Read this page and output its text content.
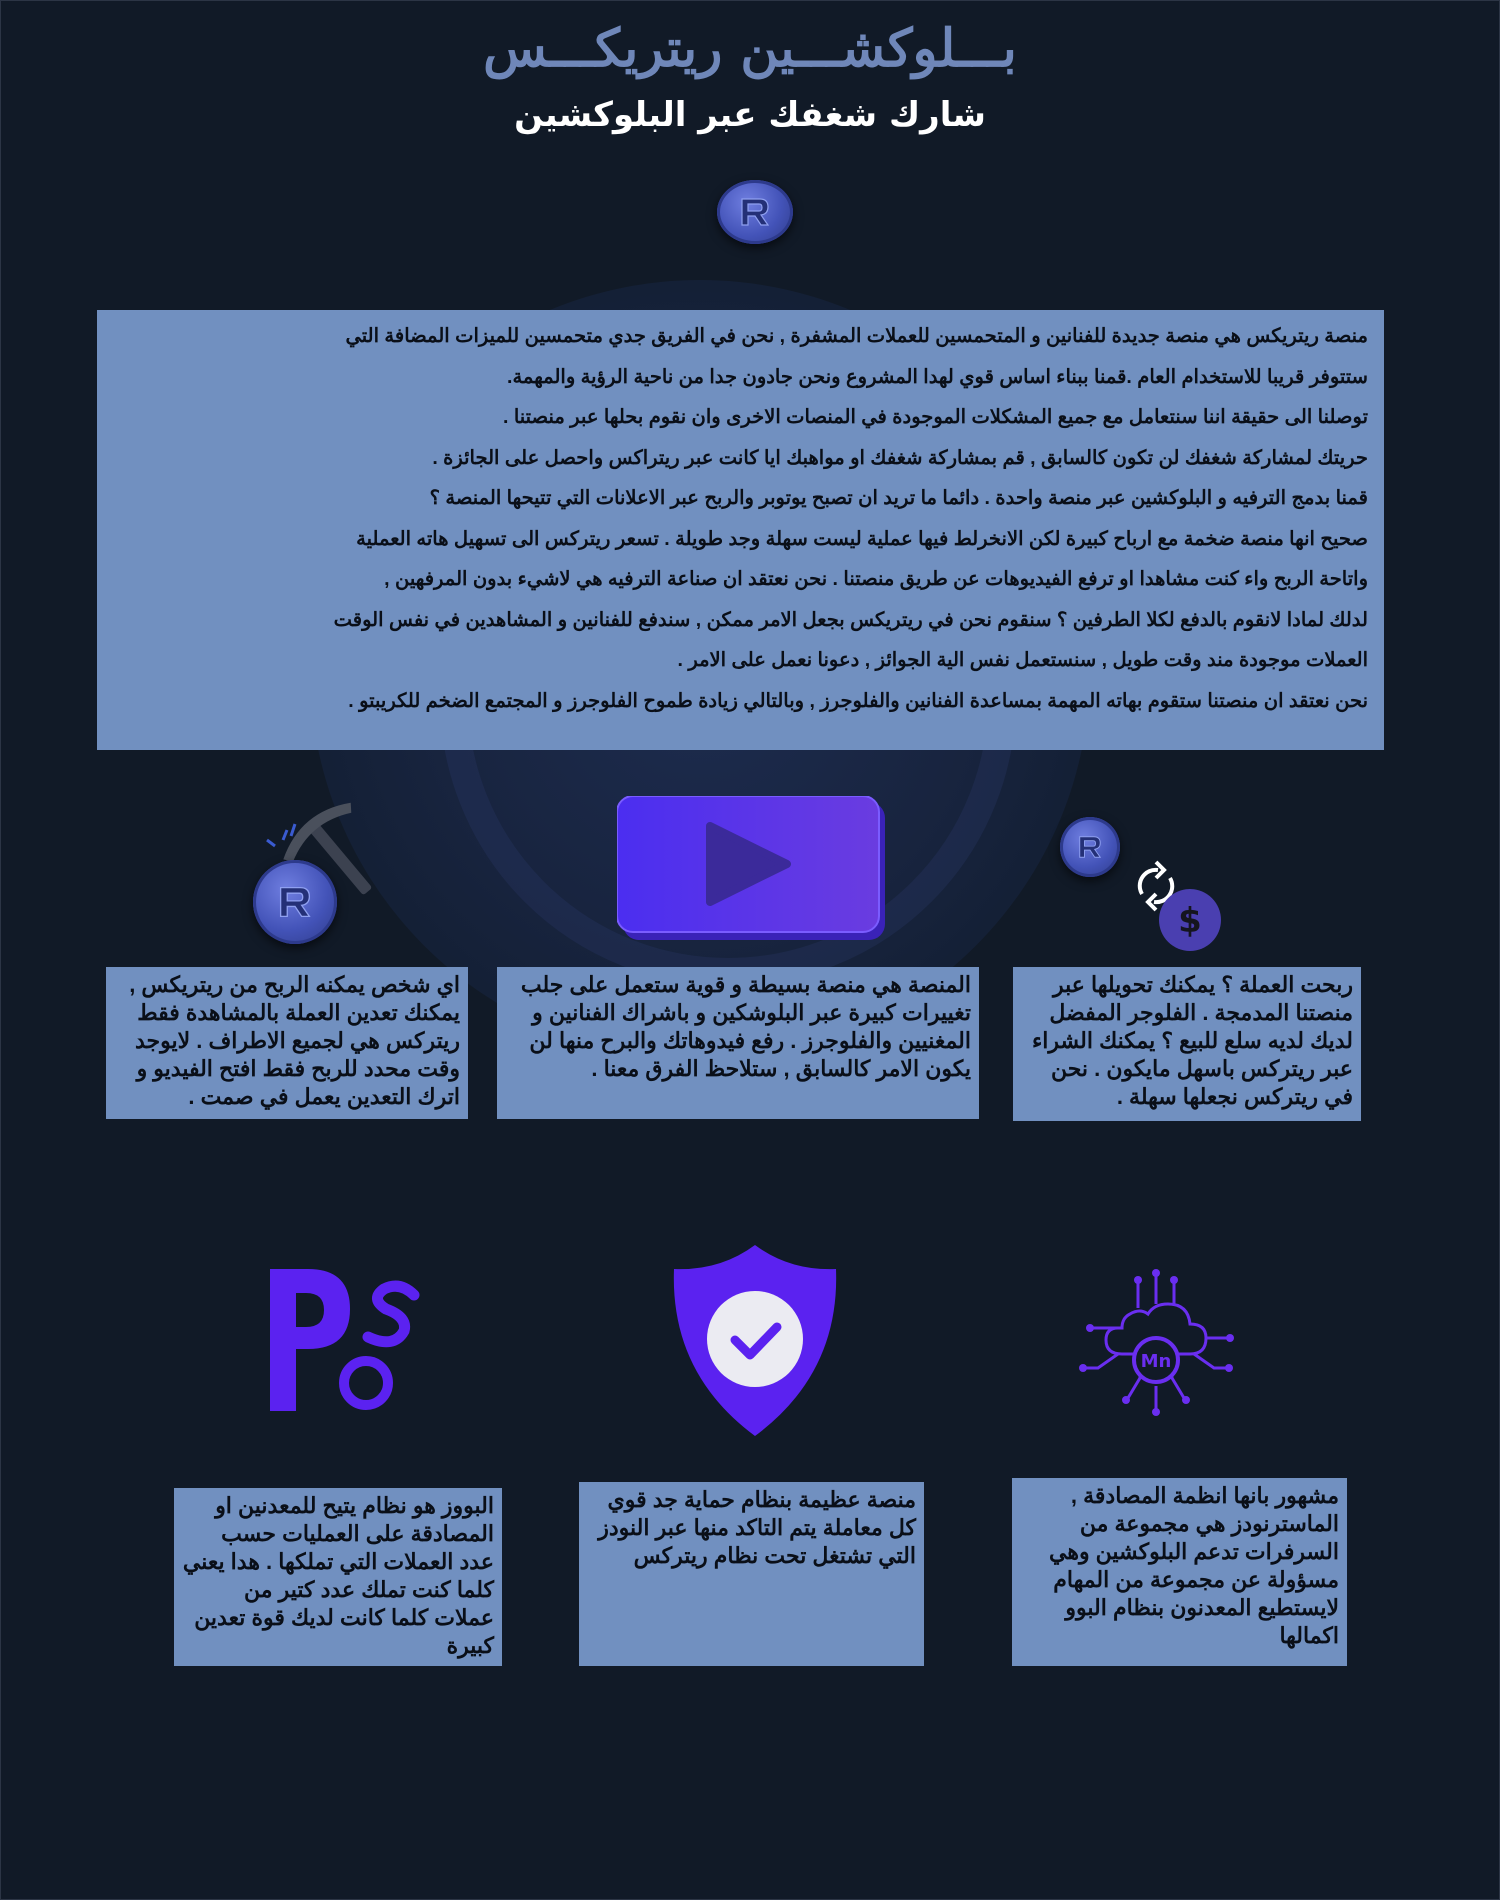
بـــلوكشـــين ريتريكـــس
شارك شغفك عبر البلوكشين

منصة ريتريكس هي منصة جديدة للفنانين و المتحمسين للعملات المشفرة , نحن في الفريق جدي متحمسين للميزات المضافة التي

ستتوفر قريبا للاستخدام العام .قمنا ببناء اساس قوي لهدا المشروع ونحن جادون جدا من ناحية الرؤية والمهمة.

توصلنا الى حقيقة اننا سنتعامل مع جميع المشكلات الموجودة في المنصات الاخرى وان نقوم بحلها عبر منصتنا .

حريتك لمشاركة شغفك لن تكون كالسابق , قم بمشاركة شغفك او مواهبك ايا كانت عبر ريتراكس واحصل على الجائزة .

قمنا بدمج الترفيه و البلوكشين عبر منصة واحدة . دائما ما تريد ان تصبح يوتوبر والربح عبر الاعلانات التي تتيحها المنصة ؟

صحيح انها منصة ضخمة مع ارباح كبيرة لكن الانخرلط فيها عملية ليست سهلة وجد طويلة . تسعر ريتركس الى تسهيل هاته العملية

واتاحة الربح واء كنت مشاهدا او ترفع الفيديوهات عن طريق منصتنا . نحن نعتقد ان صناعة الترفيه هي لاشيء بدون المرفهين ,

لدلك لمادا لانقوم بالدفع لكلا الطرفين ؟ سنقوم نحن في ريتريكس بجعل الامر ممكن , سندفع للفنانين و المشاهدين في نفس الوقت

العملات موجودة مند وقت طويل , سنستعمل نفس الية الجوائز , دعونا نعمل على الامر .

نحن نعتقد ان منصتنا ستقوم بهاته المهمة بمساعدة الفنانين والفلوجرز , وبالتالي زيادة طموح الفلوجرز و المجتمع الضخم للكريبتو .

$

اي شخص يمكنه الربح من ريتريكس , يمكنك تعدين العملة بالمشاهدة فقط ريتركس هي لجميع الاطراف . لايوجد وقت محدد للربح فقط افتح الفيديو و اترك التعدين يعمل في صمت .

المنصة هي منصة بسيطة و قوية ستعمل على جلب تغييرات كبيرة عبر البلوشكين و باشراك الفنانين و المغنيين والفلوجرز . رفع فيدوهاتك والبرح منها لن يكون الامر كالسابق , ستلاحظ الفرق معنا .

ربحت العملة ؟ يمكنك تحويلها عبر منصتنا المدمجة . الفلوجر المفضل لديك لديه سلع للبيع ؟ يمكنك الشراء عبر ريتركس باسهل مايكون . نحن في ريتركس نجعلها سهلة .

Mn

البووز هو نظام يتيح للمعدنين او المصادقة على العمليات حسب عدد العملات التي تملكها . هدا يعني كلما كنت تملك عدد كتير من عملات كلما كانت لديك قوة تعدين كبيرة

منصة عظيمة بنظام حماية جد قوي كل معاملة يتم التاكد منها عبر النودز التي تشتغل تحت نظام ريتركس

مشهور بانها انظمة المصادقة , الماسترنودز هي مجموعة من السرفرات تدعم البلوكشين وهي مسؤولة عن مجموعة من المهام لايستطيع المعدنون بنظام البوو اكمالها
